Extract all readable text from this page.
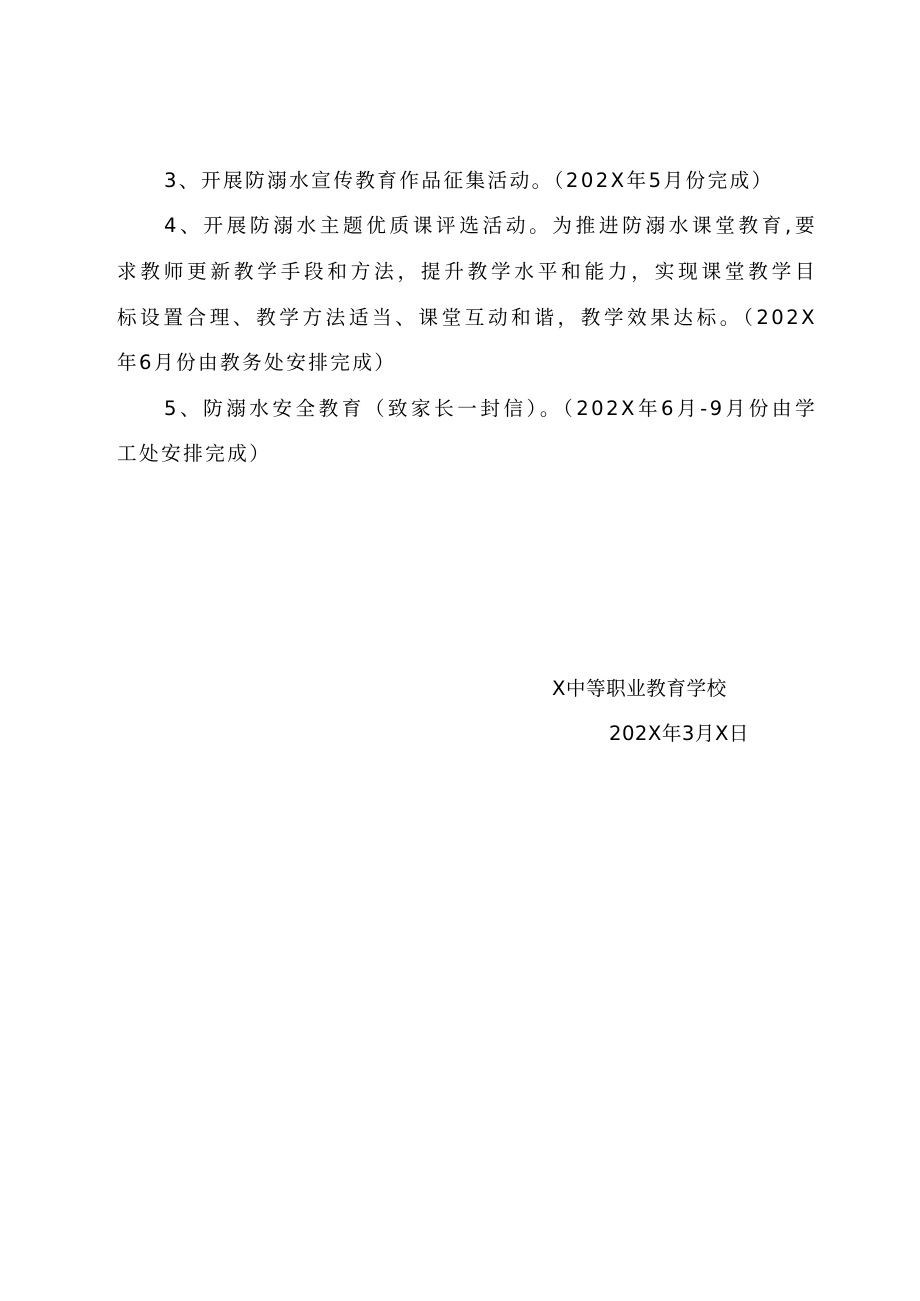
3、开展防溺水宣传教育作品征集活动。（202X年5月份完成）
4、开展防溺水主题优质课评选活动。为推进防溺水课堂教育,要
求教师更新教学手段和方法，提升教学水平和能力，实现课堂教学目
标设置合理、教学方法适当、课堂互动和谐，教学效果达标。（202X
年6月份由教务处安排完成）
5、防溺水安全教育（致家长一封信）。（202X年6月-9月份由学
工处安排完成）
X中等职业教育学校
202X年3月X日
